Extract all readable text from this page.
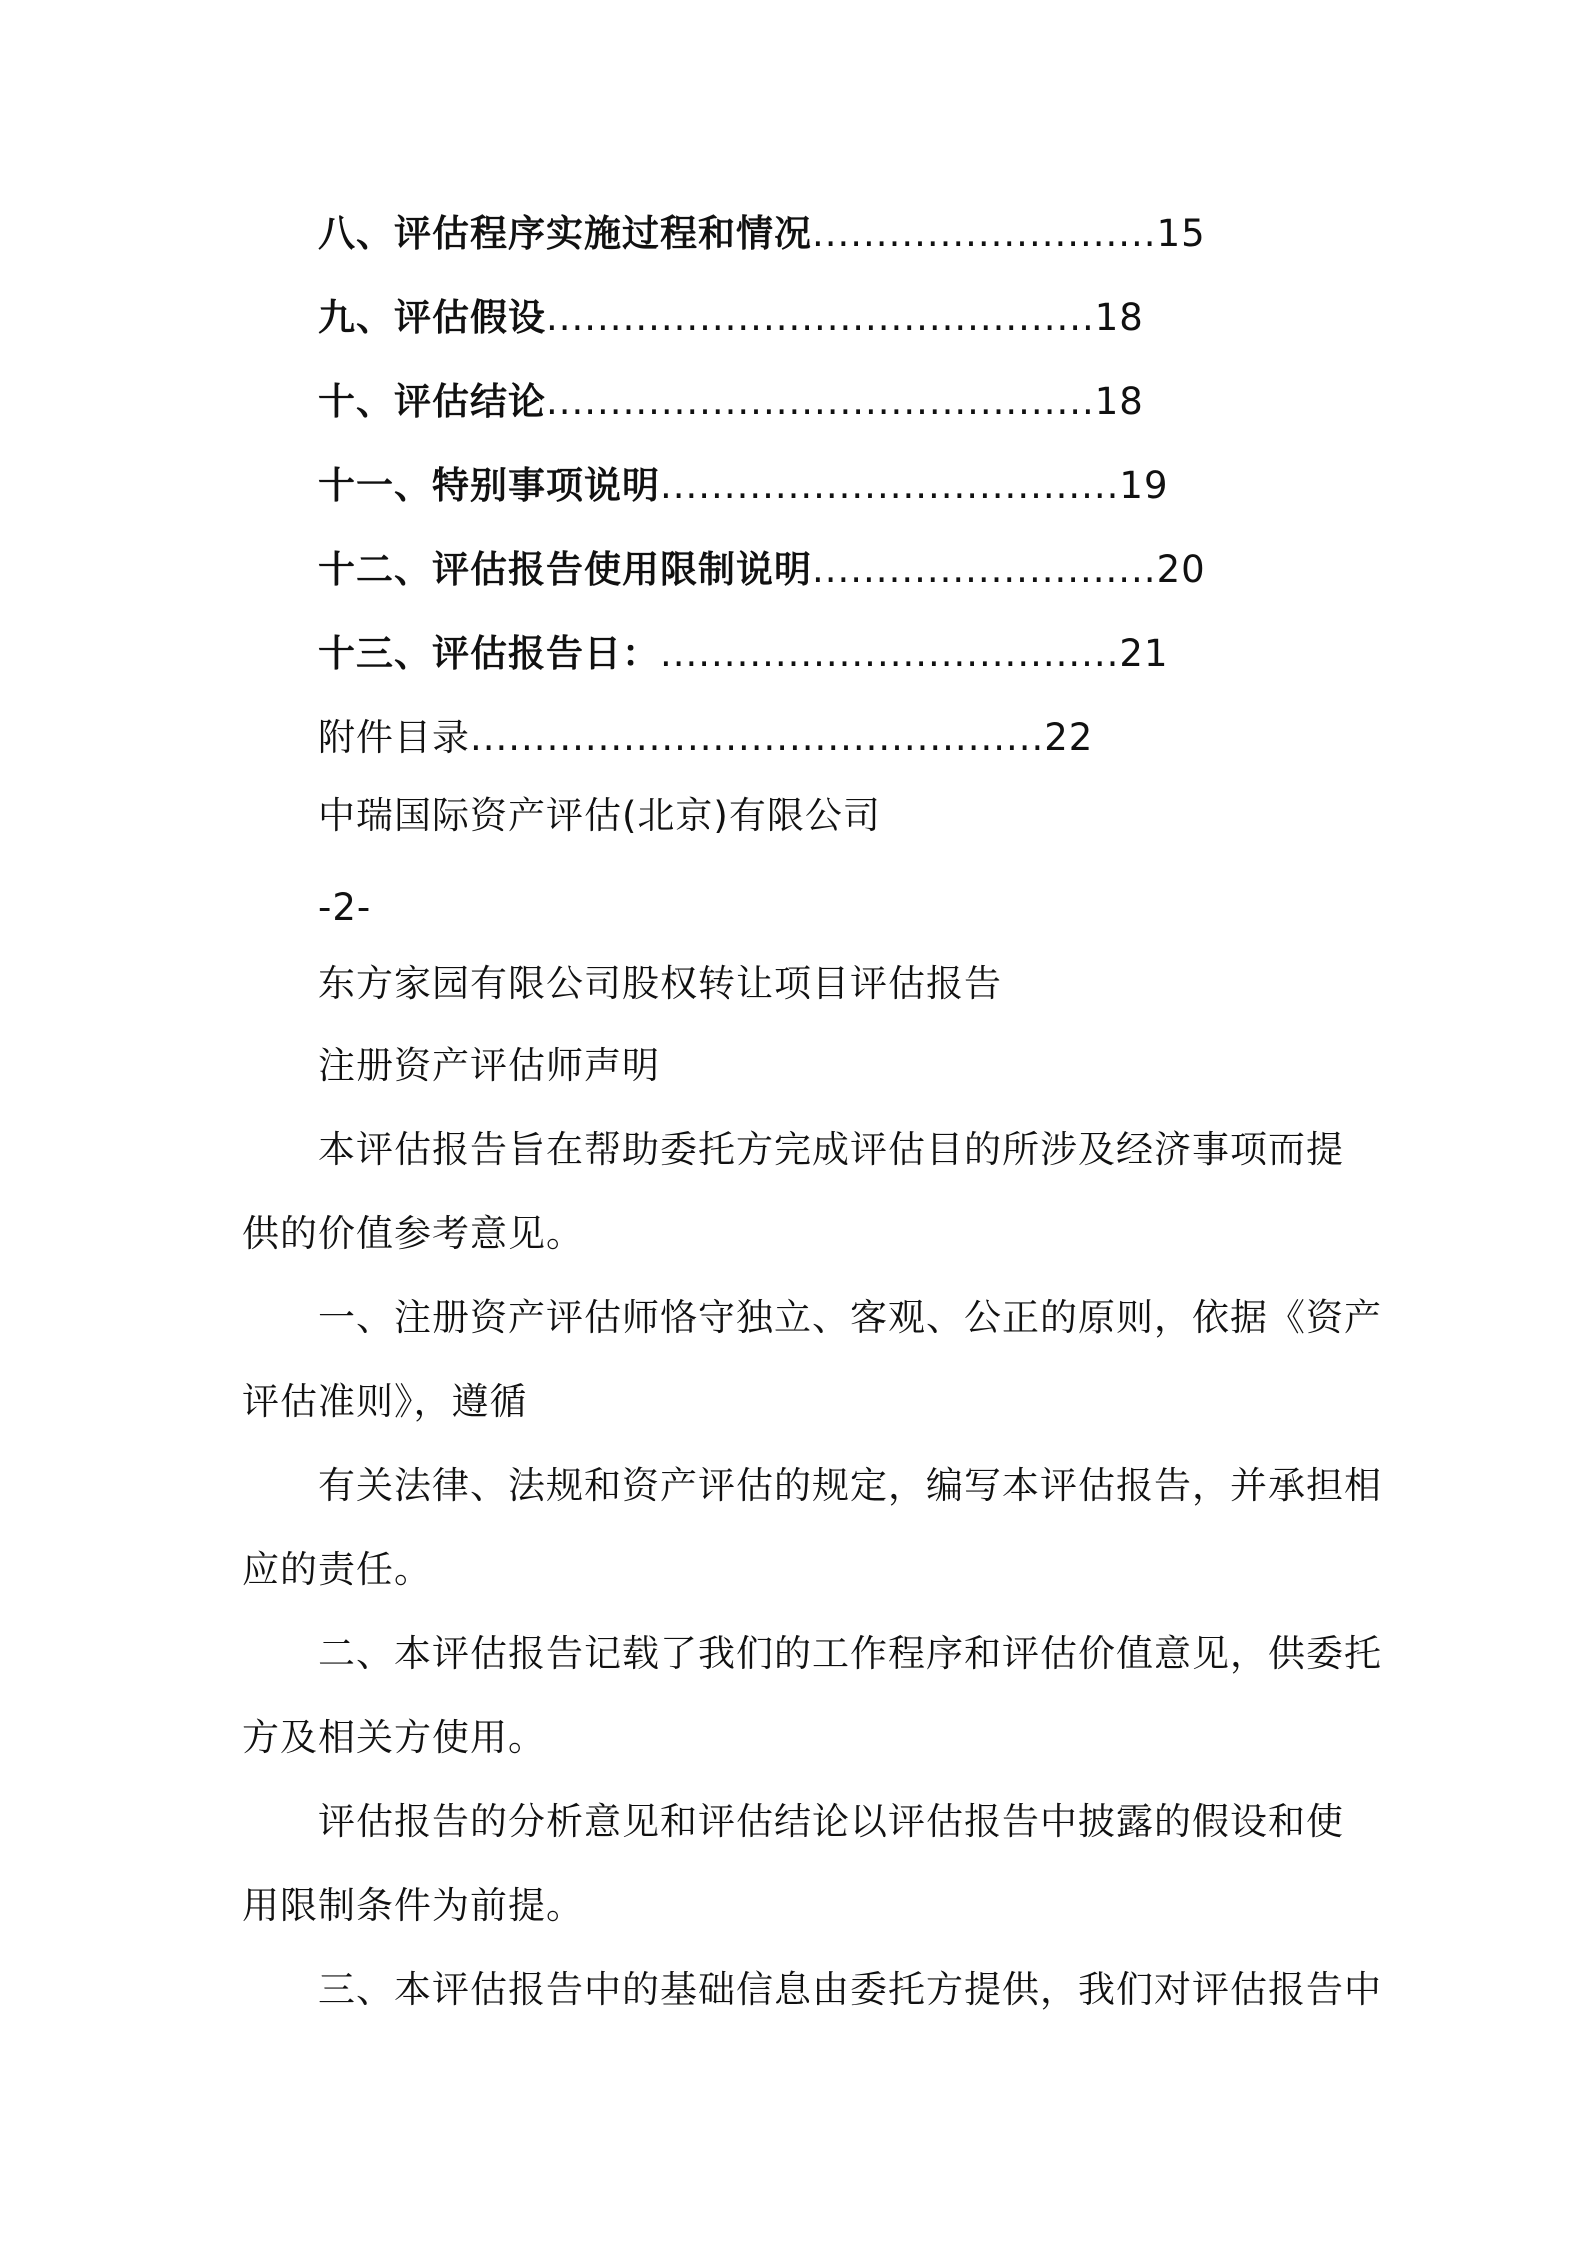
八、评估程序实施过程和情况...........................15
九、评估假设...........................................18
十、评估结论...........................................18
十一、特别事项说明....................................19
十二、评估报告使用限制说明...........................20
十三、评估报告日：....................................21
附件目录.............................................22
中瑞国际资产评估(北京)有限公司
-2-
东方家园有限公司股权转让项目评估报告
注册资产评估师声明
本评估报告旨在帮助委托方完成评估目的所涉及经济事项而提
供的价值参考意见。
一、注册资产评估师恪守独立、客观、公正的原则，依据《资产
评估准则》，遵循
有关法律、法规和资产评估的规定，编写本评估报告，并承担相
应的责任。
二、本评估报告记载了我们的工作程序和评估价值意见，供委托
方及相关方使用。
评估报告的分析意见和评估结论以评估报告中披露的假设和使
用限制条件为前提。
三、本评估报告中的基础信息由委托方提供，我们对评估报告中
